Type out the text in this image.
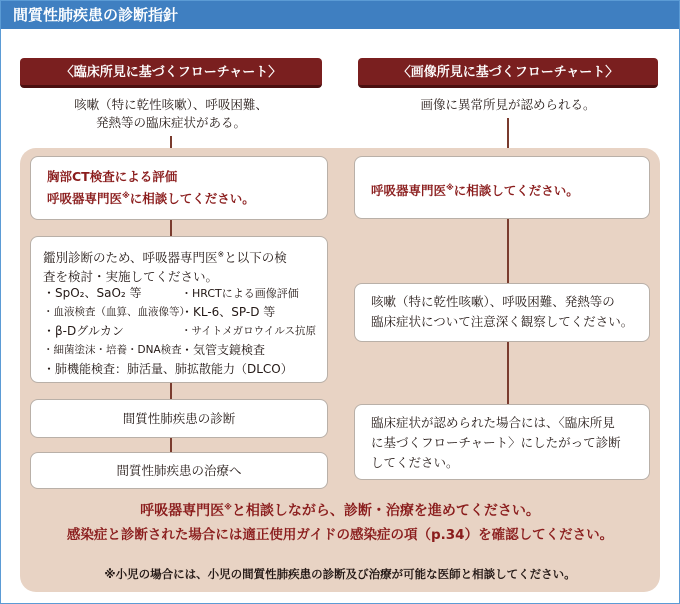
間質性肺疾患の診断指針
〈臨床所見に基づくフローチャート〉	〈画像所見に基づくフローチャート〉
咳嗽（特に乾性咳嗽）、呼吸困難、
発熱等の臨床症状がある。
画像に異常所見が認められる。
胸部CT検査による評価
呼吸器専門医※に相談してください。
鑑別診断のため、呼吸器専門医※と以下の検
査を検討・実施してください。
・SpO₂、SaO₂ 等
・血液検査（血算、血液像等）
・β-Dグルカン
・細菌塗沫・培養・DNA検査
・肺機能検査：肺活量、肺拡散能力（DLCO）
・HRCTによる画像評価
・KL-6、SP-D 等
・サイトメガロウイルス抗原
・気管支鏡検査
間質性肺疾患の診断
間質性肺疾患の治療へ
呼吸器専門医※に相談してください。
咳嗽（特に乾性咳嗽）、呼吸困難、発熱等の
臨床症状について注意深く観察してください。
臨床症状が認められた場合には、〈臨床所見
に基づくフローチャート〉にしたがって診断
してください。
呼吸器専門医※と相談しながら、診断・治療を進めてください。
感染症と診断された場合には適正使用ガイドの感染症の項（p.34）を確認してください。
※小児の場合には、小児の間質性肺疾患の診断及び治療が可能な医師と相談してください。
